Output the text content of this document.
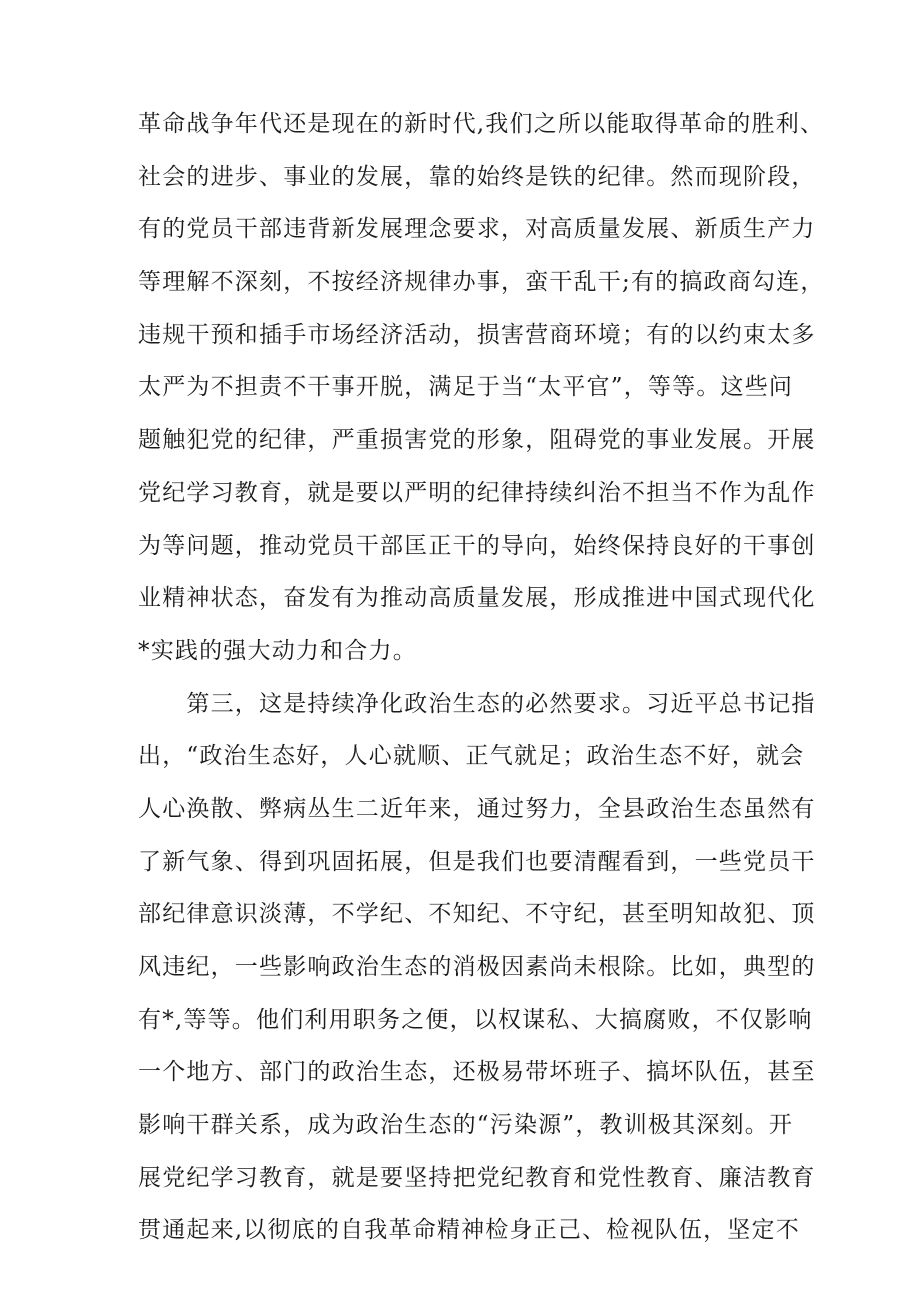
革命战争年代还是现在的新时代,我们之所以能取得革命的胜利、
社会的进步、事业的发展，靠的始终是铁的纪律。然而现阶段，
有的党员干部违背新发展理念要求，对高质量发展、新质生产力
等理解不深刻，不按经济规律办事，蛮干乱干;有的搞政商勾连，
违规干预和插手市场经济活动，损害营商环境；有的以约束太多
太严为不担责不干事开脱，满足于当“太平官”，等等。这些问
题触犯党的纪律，严重损害党的形象，阻碍党的事业发展。开展
党纪学习教育，就是要以严明的纪律持续纠治不担当不作为乱作
为等问题，推动党员干部匡正干的导向，始终保持良好的干事创
业精神状态，奋发有为推动高质量发展，形成推进中国式现代化
*实践的强大动力和合力。
　　第三，这是持续净化政治生态的必然要求。习近平总书记指
出，“政治生态好，人心就顺、正气就足；政治生态不好，就会
人心涣散、弊病丛生二近年来，通过努力，全县政治生态虽然有
了新气象、得到巩固拓展，但是我们也要清醒看到，一些党员干
部纪律意识淡薄，不学纪、不知纪、不守纪，甚至明知故犯、顶
风违纪，一些影响政治生态的消极因素尚未根除。比如，典型的
有*,等等。他们利用职务之便，以权谋私、大搞腐败，不仅影响
一个地方、部门的政治生态，还极易带坏班子、搞坏队伍，甚至
影响干群关系，成为政治生态的“污染源”，教训极其深刻。开
展党纪学习教育，就是要坚持把党纪教育和党性教育、廉洁教育
贯通起来,以彻底的自我革命精神检身正己、检视队伍，坚定不
